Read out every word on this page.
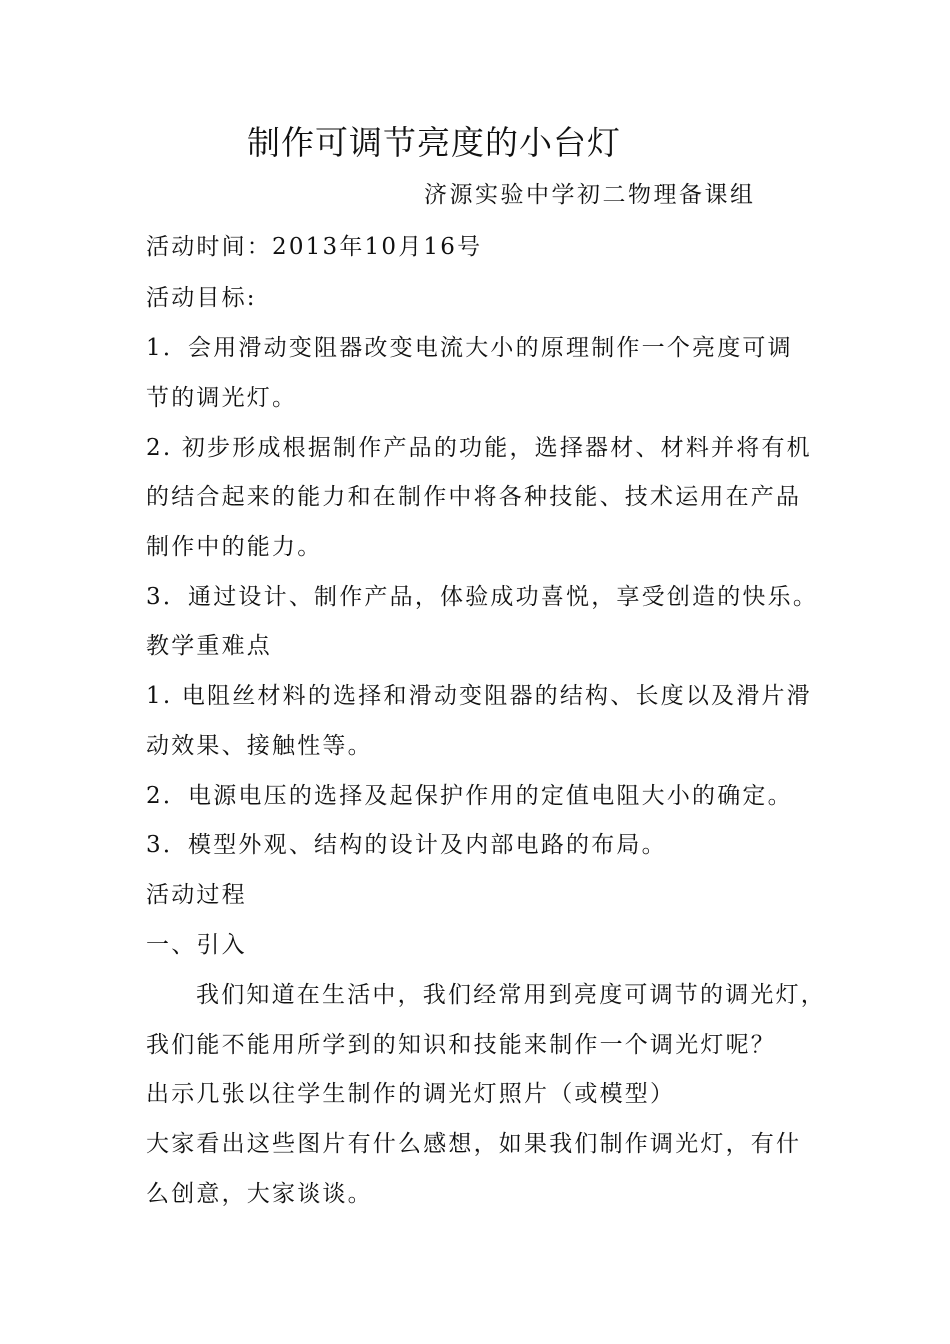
制作可调节亮度的小台灯
济源实验中学初二物理备课组
活动时间：2013年10月16号
活动目标:
1．会用滑动变阻器改变电流大小的原理制作一个亮度可调
节的调光灯。
2. 初步形成根据制作产品的功能，选择器材、材料并将有机
的结合起来的能力和在制作中将各种技能、技术运用在产品
制作中的能力。
3．通过设计、制作产品，体验成功喜悦，享受创造的快乐。
教学重难点
1. 电阻丝材料的选择和滑动变阻器的结构、长度以及滑片滑
动效果、接触性等。
2．电源电压的选择及起保护作用的定值电阻大小的确定。
3．模型外观、结构的设计及内部电路的布局。
活动过程
一、引入
我们知道在生活中，我们经常用到亮度可调节的调光灯，
我们能不能用所学到的知识和技能来制作一个调光灯呢？
出示几张以往学生制作的调光灯照片（或模型）
大家看出这些图片有什么感想，如果我们制作调光灯，有什
么创意，大家谈谈。
